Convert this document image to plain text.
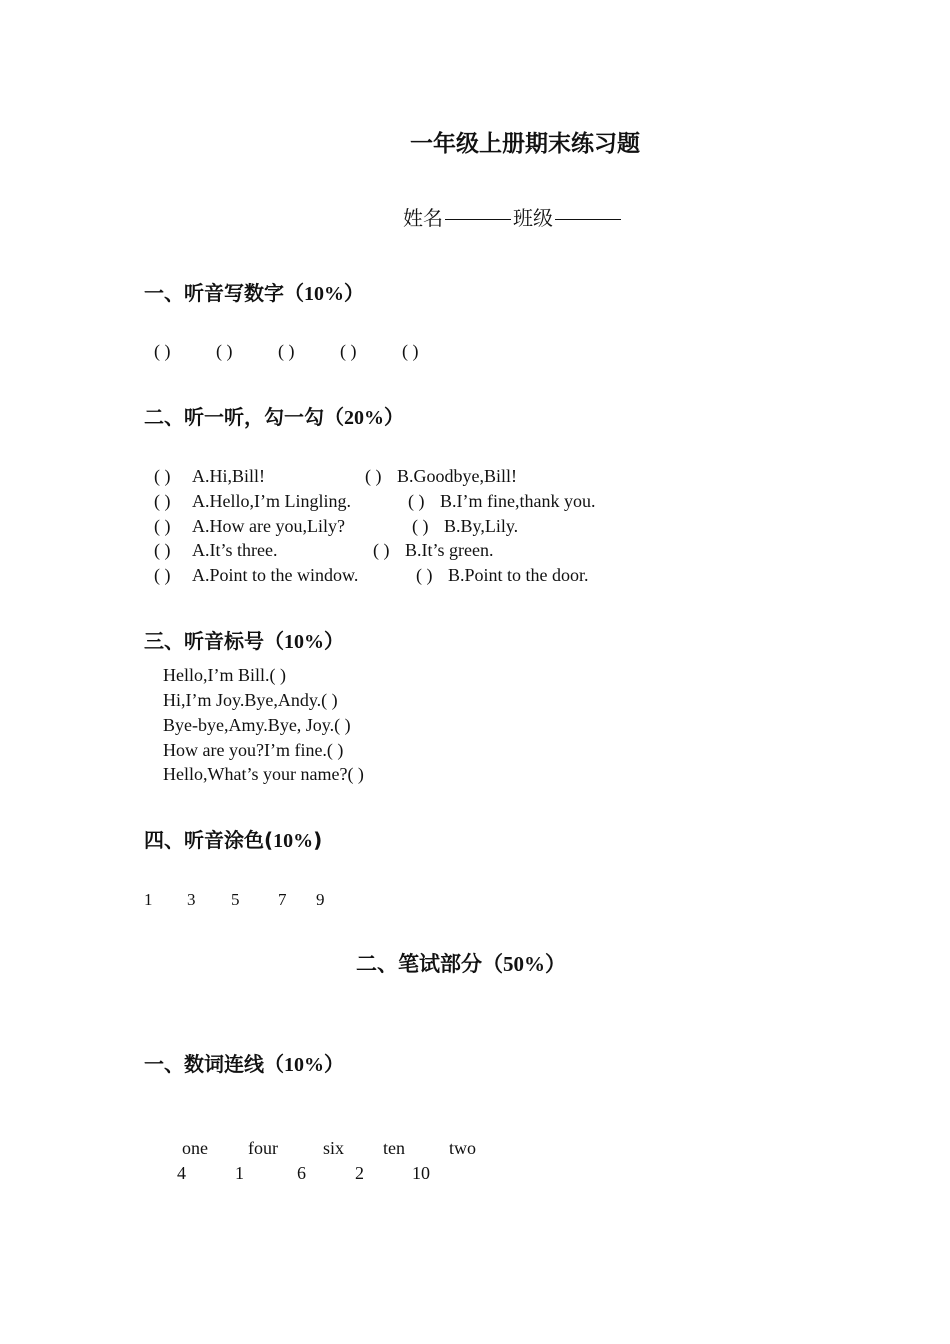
一年级上册期末练习题
姓名	班级
一、听音写数字（10%）
( )	( )	( )	( )	( )
二、听一听，勾一勾（20%）
( ) A.Hi,Bill!	( ) B.Goodbye,Bill!
( ) A.Hello,I’m Lingling.	( ) B.I’m fine,thank you.
( ) A.How are you,Lily?	( ) B.By,Lily.
( ) A.It’s three.	( ) B.It’s green.
( ) A.Point to the window.	( ) B.Point to the door.
三、听音标号（10%）
Hello,I’m Bill.( )
Hi,I’m Joy.Bye,Andy.( )
Bye-bye,Amy.Bye, Joy.( )
How are you?I’m fine.( )
Hello,What’s your name?( )
四、听音涂色(10%)
1 3 5 7 9
二、笔试部分（50%）
一、数词连线（10%）
one four	six ten two
4	1	6	2	10
